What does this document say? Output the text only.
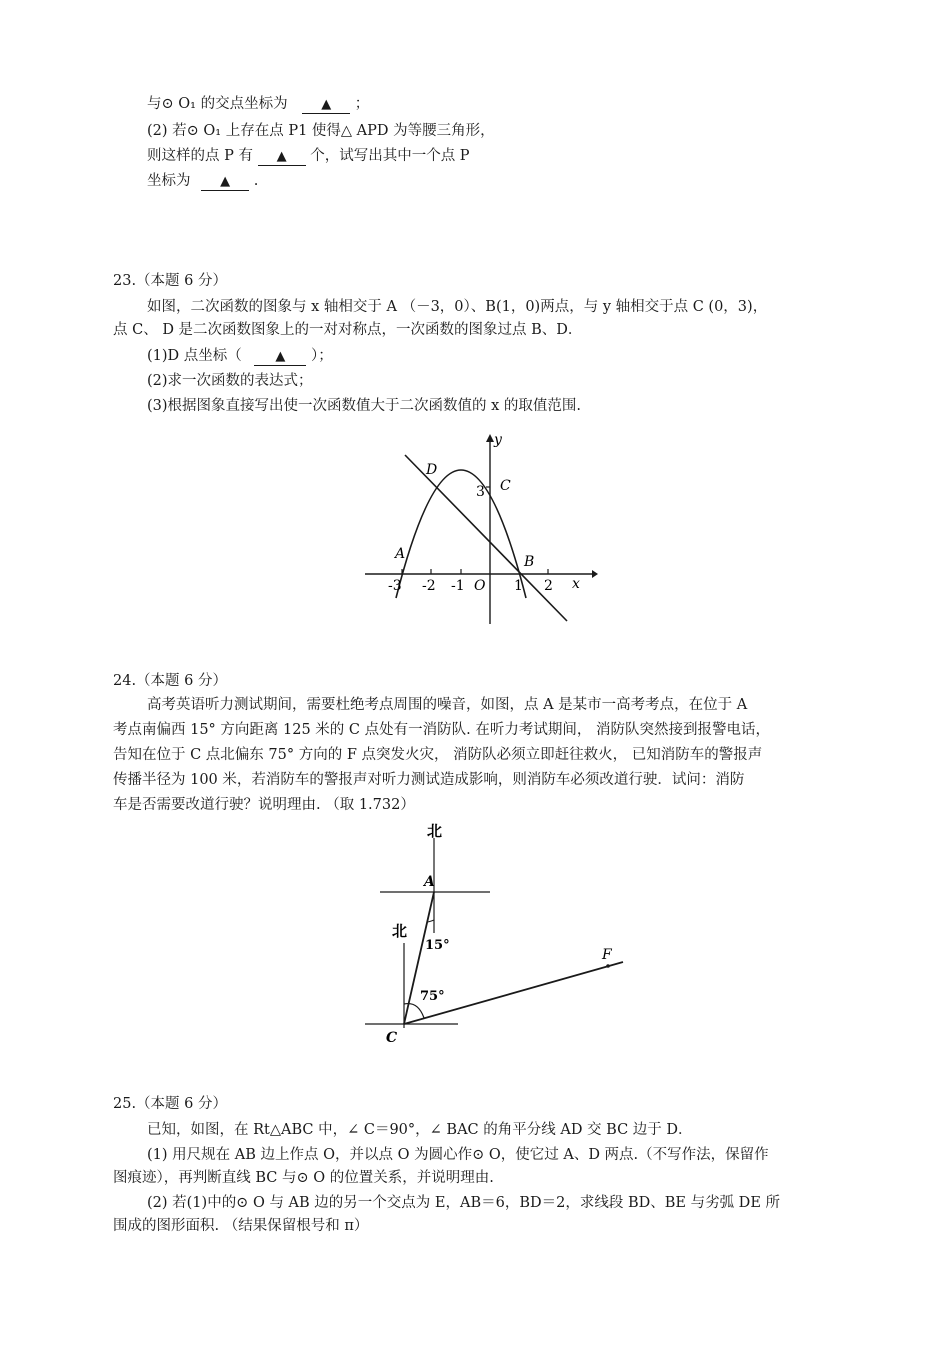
与⊙ O₁ 的交点坐标为	▲ ；
(2) 若⊙ O₁ 上存在点 P1 使得△ APD 为等腰三角形，
则这样的点 P 有 ▲ 个，试写出其中一个点 P
坐标为 ▲ .
23.（本题 6 分）
如图，二次函数的图象与 x 轴相交于 A （－3，0）、B(1，0)两点，与 y 轴相交于点 C (0，3)，
点 C、 D 是二次函数图象上的一对对称点，一次函数的图象过点 B、D．
(1)D 点坐标（	▲ ）；
(2)求一次函数的表达式；
(3)根据图象直接写出使一次函数值大于二次函数值的 x 的取值范围.
y
x
D
C
3
A	B
O
-3 -2 -1	1 2
24.（本题 6 分）
高考英语听力测试期间，需要杜绝考点周围的噪音，如图，点 A 是某市一高考考点，在位于 A
考点南偏西 15° 方向距离 125 米的 C 点处有一消防队. 在听力考试期间， 消防队突然接到报警电话，
告知在位于 C 点北偏东 75° 方向的 F 点突发火灾， 消防队必须立即赶往救火， 已知消防车的警报声
传播半径为 100 米，若消防车的警报声对听力测试造成影响，则消防车必须改道行驶．试问：消防
车是否需要改道行驶？说明理由. （取 1.732）
北
A
北
F
15°
75°
C
25.（本题 6 分）
已知，如图，在 Rt△ABC 中，∠ C＝90°，∠ BAC 的角平分线 AD 交 BC 边于 D．
(1) 用尺规在 AB 边上作点 O，并以点 O 为圆心作⊙ O，使它过 A、D 两点.（不写作法，保留作
图痕迹），再判断直线 BC 与⊙ O 的位置关系，并说明理由.
(2) 若(1)中的⊙ O 与 AB 边的另一个交点为 E，AB＝6，BD＝2，求线段 BD、BE 与劣弧 DE 所
围成的图形面积. （结果保留根号和 π）
